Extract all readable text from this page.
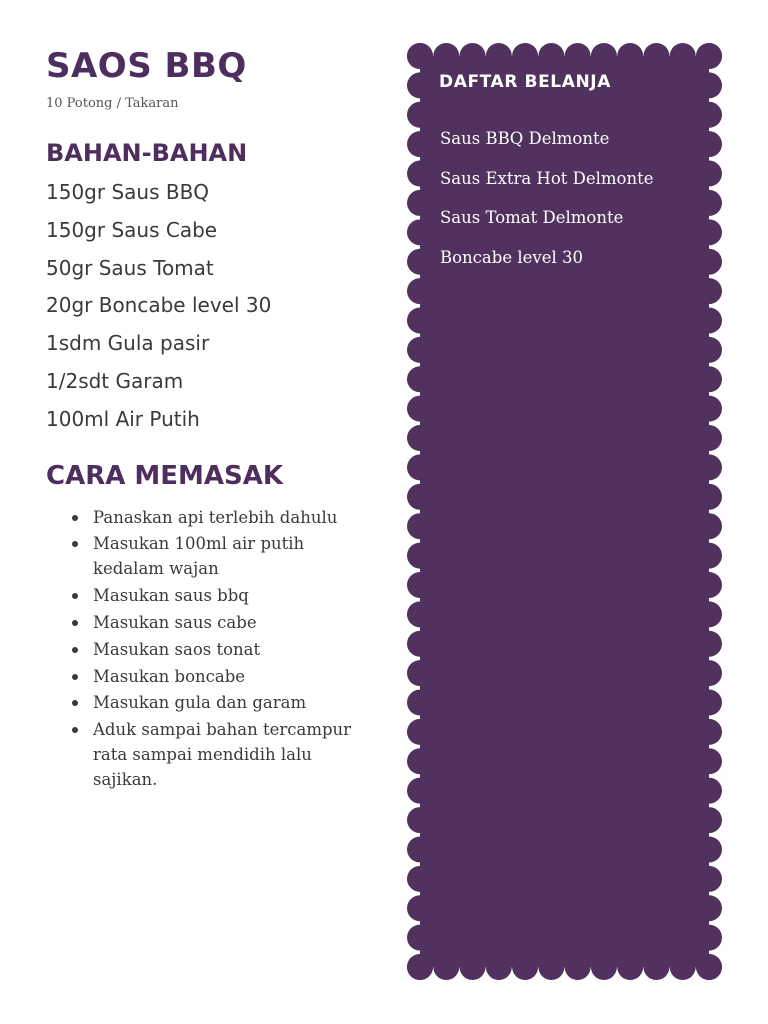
SAOS BBQ
10 Potong / Takaran
BAHAN-BAHAN
150gr Saus BBQ
150gr Saus Cabe
50gr Saus Tomat
20gr Boncabe level 30
1sdm Gula pasir
1/2sdt Garam
100ml Air Putih
CARA MEMASAK
Panaskan api terlebih dahulu
Masukan 100ml air putih kedalam wajan
Masukan saus bbq
Masukan saus cabe
Masukan saos tonat
Masukan boncabe
Masukan gula dan garam
Aduk sampai bahan tercampur rata sampai mendidih lalu sajikan.
DAFTAR BELANJA
Saus BBQ Delmonte
Saus Extra Hot Delmonte
Saus Tomat Delmonte
Boncabe level 30
